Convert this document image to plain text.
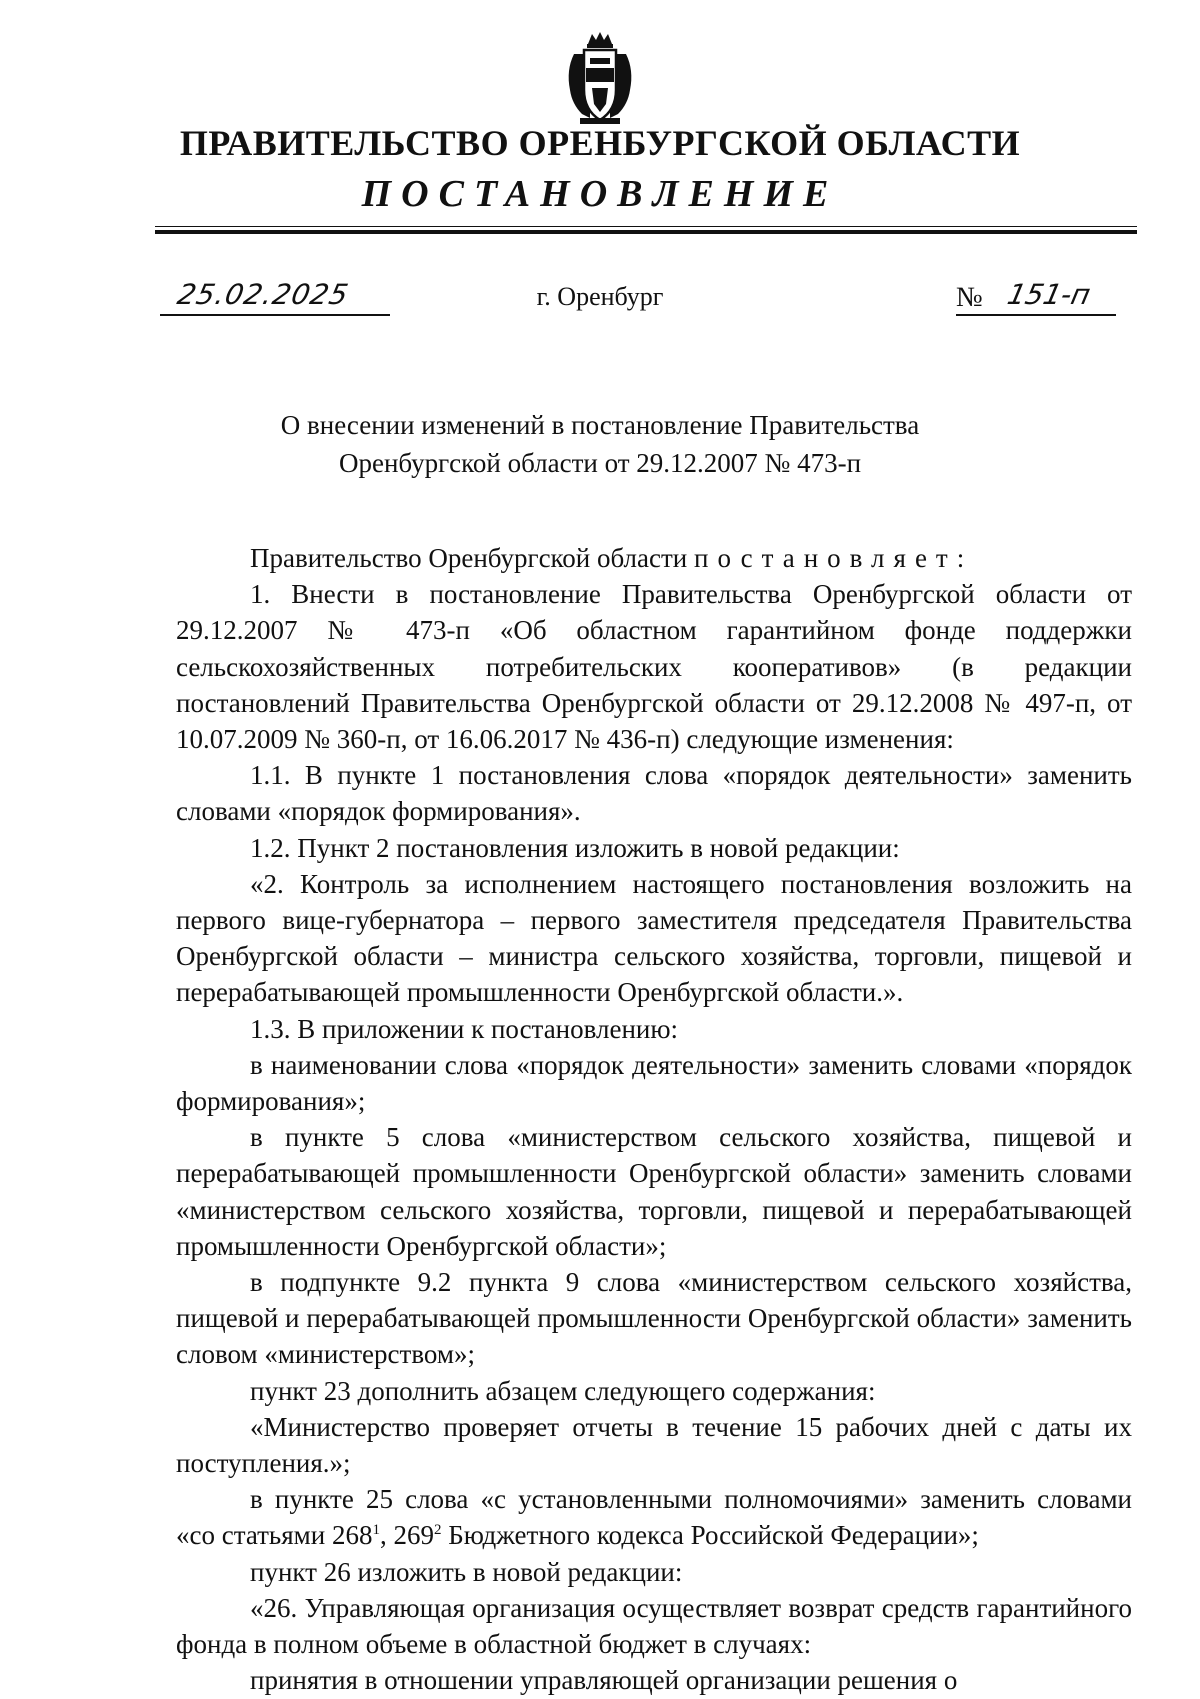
ПРАВИТЕЛЬСТВО ОРЕНБУРГСКОЙ ОБЛАСТИ
ПОСТАНОВЛЕНИЕ
25.02.2025	г. Оренбург	№ 151-п
О внесении изменений в постановление Правительства
Оренбургской области от 29.12.2007 № 473-п

Правительство Оренбургской области постановляет:

1. Внести в постановление Правительства Оренбургской области от 29.12.2007 № 473-п «Об областном гарантийном фонде поддержки сельскохозяйственных потребительских кооперативов» (в редакции постановлений Правительства Оренбургской области от 29.12.2008 № 497-п, от 10.07.2009 № 360-п, от 16.06.2017 № 436-п) следующие изменения:

1.1. В пункте 1 постановления слова «порядок деятельности» заменить словами «порядок формирования».

1.2. Пункт 2 постановления изложить в новой редакции:

«2. Контроль за исполнением настоящего постановления возложить на первого вице-губернатора – первого заместителя председателя Правительства Оренбургской области – министра сельского хозяйства, торговли, пищевой и перерабатывающей промышленности Оренбургской области.».

1.3. В приложении к постановлению:

в наименовании слова «порядок деятельности» заменить словами «порядок формирования»;

в пункте 5 слова «министерством сельского хозяйства, пищевой и перерабатывающей промышленности Оренбургской области» заменить словами «министерством сельского хозяйства, торговли, пищевой и перерабатывающей промышленности Оренбургской области»;

в подпункте 9.2 пункта 9 слова «министерством сельского хозяйства, пищевой и перерабатывающей промышленности Оренбургской области» заменить словом «министерством»;

пункт 23 дополнить абзацем следующего содержания:

«Министерство проверяет отчеты в течение 15 рабочих дней с даты их поступления.»;

в пункте 25 слова «с установленными полномочиями» заменить словами «со статьями $268^1$, $269^2$ Бюджетного кодекса Российской Федерации»;

пункт 26 изложить в новой редакции:

«26. Управляющая организация осуществляет возврат средств гарантийного фонда в полном объеме в областной бюджет в случаях:

принятия в отношении управляющей организации решения о
